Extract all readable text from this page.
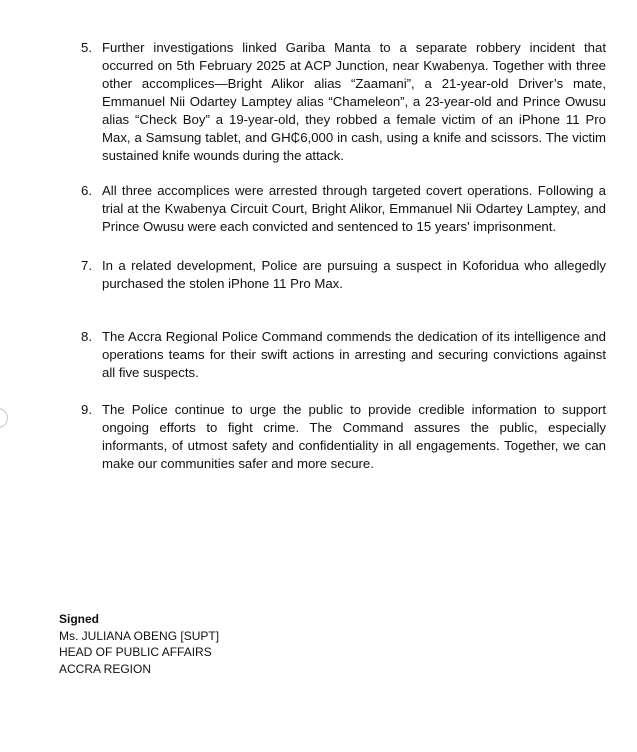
5. Further investigations linked Gariba Manta to a separate robbery incident that occurred on 5th February 2025 at ACP Junction, near Kwabenya. Together with three other accomplices—Bright Alikor alias “Zaamani”, a 21-year-old Driver’s mate, Emmanuel Nii Odartey Lamptey alias “Chameleon”, a 23-year-old and Prince Owusu alias “Check Boy” a 19-year-old, they robbed a female victim of an iPhone 11 Pro Max, a Samsung tablet, and GH₵6,000 in cash, using a knife and scissors. The victim sustained knife wounds during the attack.
6. All three accomplices were arrested through targeted covert operations. Following a trial at the Kwabenya Circuit Court, Bright Alikor, Emmanuel Nii Odartey Lamptey, and Prince Owusu were each convicted and sentenced to 15 years' imprisonment.
7. In a related development, Police are pursuing a suspect in Koforidua who allegedly purchased the stolen iPhone 11 Pro Max.
8. The Accra Regional Police Command commends the dedication of its intelligence and operations teams for their swift actions in arresting and securing convictions against all five suspects.
9. The Police continue to urge the public to provide credible information to support ongoing efforts to fight crime. The Command assures the public, especially informants, of utmost safety and confidentiality in all engagements. Together, we can make our communities safer and more secure.
Signed
Ms. JULIANA OBENG [SUPT]
HEAD OF PUBLIC AFFAIRS
ACCRA REGION
